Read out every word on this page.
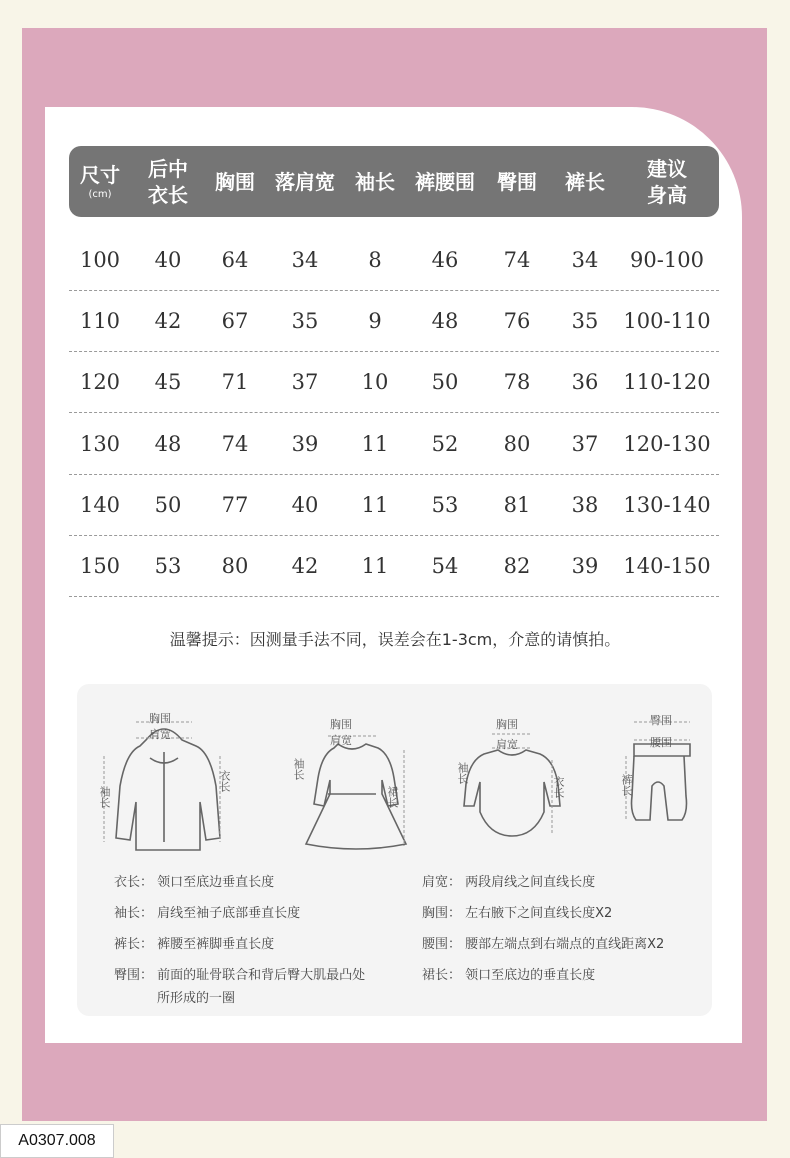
尺寸
(cm)
后中
衣长
胸围 落肩宽 袖长 裤腰围 臀围 裤长
建议
身高
100 40 64 34 8 46 74 34 90-100
110 42 67 35 9 48 76 35 100-110
120 45 71 37 10 50 78 36 110-120
130 48 74 39 11 52 80 37 120-130
140 50 77 40 11 53 81 38 130-140
150 53 80 42 11 54 82 39 140-150
温馨提示：因测量手法不同，误差会在1-3cm，介意的请慎拍。
胸围
肩宽
袖长
衣长
胸围
肩宽
袖长
裙长
胸围
肩宽
袖长
衣长
臀围
腰围
裤长
衣长： 领口至底边垂直长度
袖长： 肩线至袖子底部垂直长度
裤长： 裤腰至裤脚垂直长度
臀围： 前面的耻骨联合和背后臀大肌最凸处
所形成的一圈
肩宽： 两段肩线之间直线长度
胸围： 左右腋下之间直线长度X2
腰围： 腰部左端点到右端点的直线距离X2
裙长： 领口至底边的垂直长度
A0307.008
